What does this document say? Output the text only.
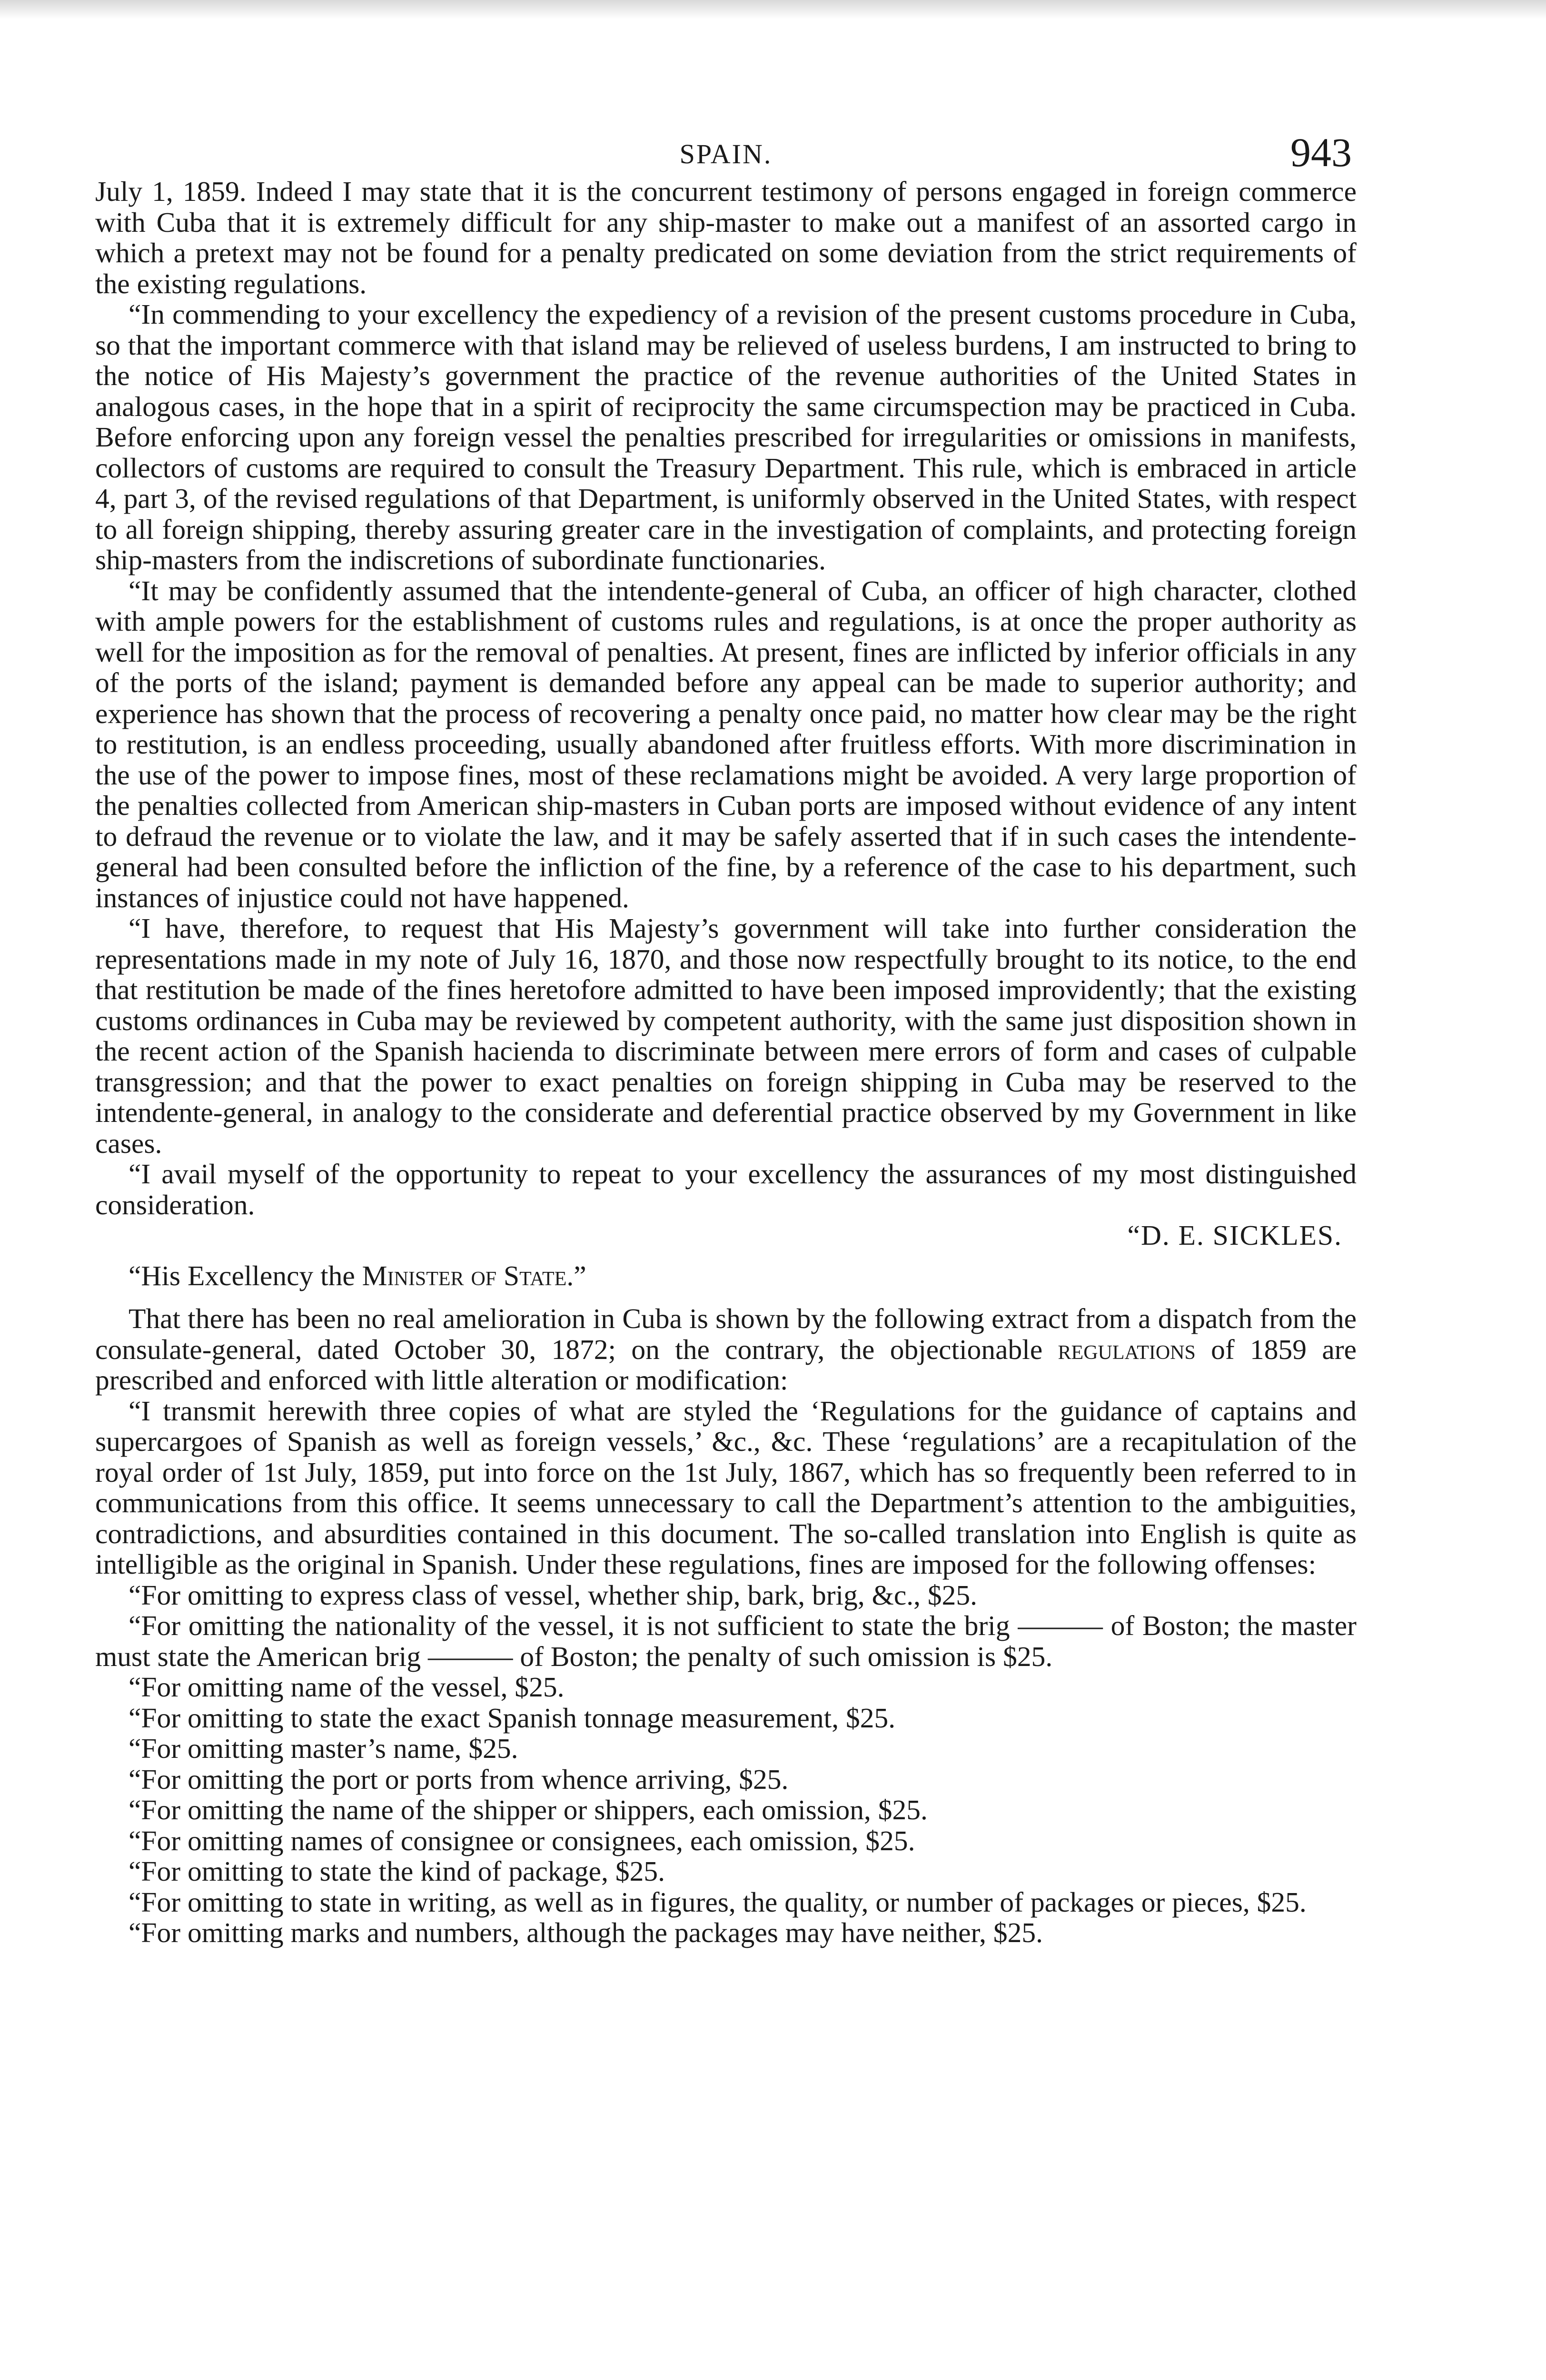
SPAIN.	943

July 1, 1859. Indeed I may state that it is the concurrent testimony of persons engaged in foreign commerce with Cuba that it is extremely difficult for any ship-master to make out a manifest of an assorted cargo in which a pretext may not be found for a penalty predicated on some deviation from the strict requirements of the existing regulations.

“In commending to your excellency the expediency of a revision of the present customs procedure in Cuba, so that the important commerce with that island may be relieved of useless burdens, I am instructed to bring to the notice of His Majesty’s government the practice of the revenue authorities of the United States in analogous cases, in the hope that in a spirit of reciprocity the same circumspection may be practiced in Cuba. Before enforcing upon any foreign vessel the penalties prescribed for irregularities or omissions in manifests, collectors of customs are required to consult the Treasury Department. This rule, which is embraced in article 4, part 3, of the revised regulations of that Department, is uniformly observed in the United States, with respect to all foreign shipping, thereby assuring greater care in the investigation of complaints, and protecting foreign ship-masters from the indiscretions of subordinate functionaries.

“It may be confidently assumed that the intendente-general of Cuba, an officer of high character, clothed with ample powers for the establishment of customs rules and regulations, is at once the proper authority as well for the imposition as for the removal of penalties. At present, fines are inflicted by inferior officials in any of the ports of the island; payment is demanded before any appeal can be made to superior authority; and experience has shown that the process of recovering a penalty once paid, no matter how clear may be the right to restitution, is an endless proceeding, usually abandoned after fruitless efforts. With more discrimination in the use of the power to impose fines, most of these reclamations might be avoided. A very large proportion of the penalties collected from American ship-masters in Cuban ports are imposed without evidence of any intent to defraud the revenue or to violate the law, and it may be safely asserted that if in such cases the intendente-general had been consulted before the infliction of the fine, by a reference of the case to his department, such instances of injustice could not have happened.

“I have, therefore, to request that His Majesty’s government will take into further consideration the representations made in my note of July 16, 1870, and those now respectfully brought to its notice, to the end that restitution be made of the fines heretofore admitted to have been imposed improvidently; that the existing customs ordinances in Cuba may be reviewed by competent authority, with the same just disposition shown in the recent action of the Spanish hacienda to discriminate between mere errors of form and cases of culpable transgression; and that the power to exact penalties on foreign shipping in Cuba may be reserved to the intendente-general, in analogy to the considerate and deferential practice observed by my Government in like cases.

“I avail myself of the opportunity to repeat to your excellency the assurances of my most distinguished consideration.

“D. E. SICKLES.

“His Excellency the Minister of State.”

That there has been no real amelioration in Cuba is shown by the following extract from a dispatch from the consulate-general, dated October 30, 1872; on the contrary, the objectionable regulations of 1859 are prescribed and enforced with little alteration or modification:

“I transmit herewith three copies of what are styled the ‘Regulations for the guidance of captains and supercargoes of Spanish as well as foreign vessels,’ &c., &c. These ‘regulations’ are a recapitulation of the royal order of 1st July, 1859, put into force on the 1st July, 1867, which has so frequently been referred to in communications from this office. It seems unnecessary to call the Department’s attention to the ambiguities, contradictions, and absurdities contained in this document. The so-called translation into English is quite as intelligible as the original in Spanish. Under these regulations, fines are imposed for the following offenses:

“For omitting to express class of vessel, whether ship, bark, brig, &c., $25.

“For omitting the nationality of the vessel, it is not sufficient to state the brig ——— of Boston; the master must state the American brig ——— of Boston; the penalty of such omission is $25.

“For omitting name of the vessel, $25.

“For omitting to state the exact Spanish tonnage measurement, $25.

“For omitting master’s name, $25.

“For omitting the port or ports from whence arriving, $25.

“For omitting the name of the shipper or shippers, each omission, $25.

“For omitting names of consignee or consignees, each omission, $25.

“For omitting to state the kind of package, $25.

“For omitting to state in writing, as well as in figures, the quality, or number of packages or pieces, $25.

“For omitting marks and numbers, although the packages may have neither, $25.
